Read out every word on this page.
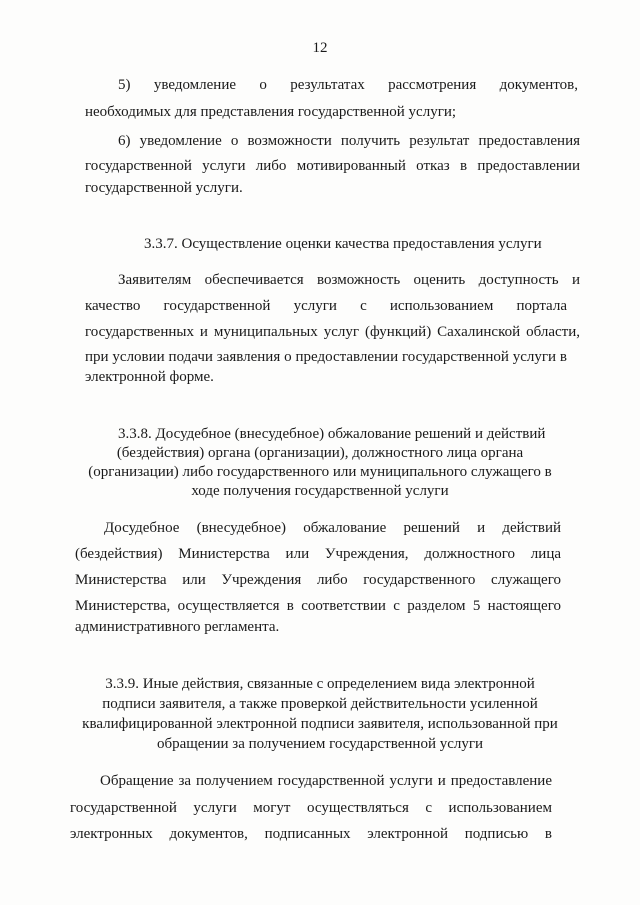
12
5) уведомление о результатах рассмотрения документов,
необходимых для представления государственной услуги;
6) уведомление о возможности получить результат предоставления
государственной услуги либо мотивированный отказ в предоставлении
государственной услуги.
3.3.7. Осуществление оценки качества предоставления услуги
Заявителям обеспечивается возможность оценить доступность и
качество государственной услуги с использованием портала
государственных и муниципальных услуг (функций) Сахалинской области,
при условии подачи заявления о предоставлении государственной услуги в
электронной форме.
3.3.8. Досудебное (внесудебное) обжалование решений и действий
(бездействия) органа (организации), должностного лица органа
(организации) либо государственного или муниципального служащего в
ходе получения государственной услуги
Досудебное (внесудебное) обжалование решений и действий
(бездействия) Министерства или Учреждения, должностного лица
Министерства или Учреждения либо государственного служащего
Министерства, осуществляется в соответствии с разделом 5 настоящего
административного регламента.
3.3.9. Иные действия, связанные с определением вида электронной
подписи заявителя, а также проверкой действительности усиленной
квалифицированной электронной подписи заявителя, использованной при
обращении за получением государственной услуги
Обращение за получением государственной услуги и предоставление
государственной услуги могут осуществляться с использованием
электронных документов, подписанных электронной подписью в
